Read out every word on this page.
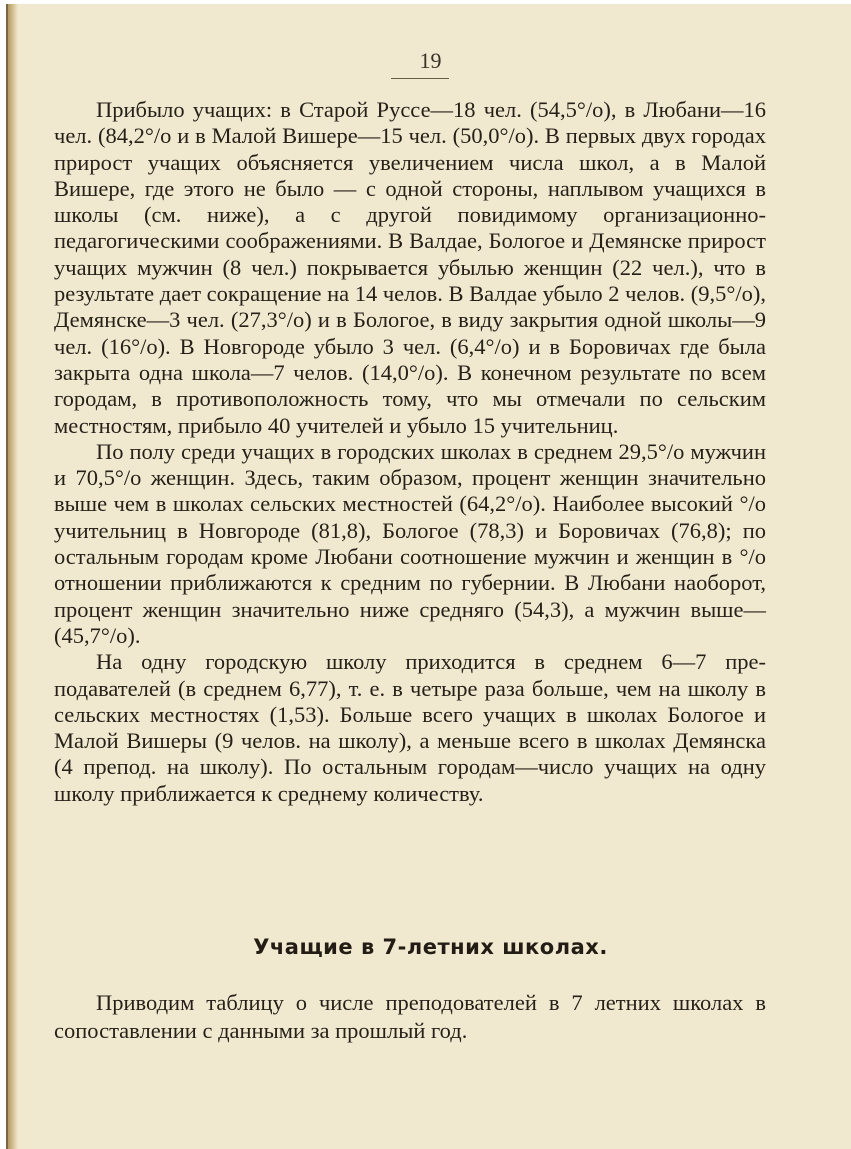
19

Прибыло учащих: в Старой Руссе—18 чел. (54,5°/о), в Любани—16 чел. (84,2°/о и в Малой Вишере—15 чел. (50,0°/о). В первых двух городах прирост учащих объясняется увеличением числа школ, а в Малой Вишере, где этого не было — с одной стороны, наплывом учащихся в школы (см. ниже), а с другой повидимому организационно-педагогическими соображениями. В Валдае, Бологое и Демянске прирост учащих мужчин (8 чел.) покрывается убылью женщин (22 чел.), что в результате дает сокращение на 14 челов. В Валдае убыло 2 челов. (9,5°/о), Демянске—3 чел. (27,3°/о) и в Бологое, в виду закрытия одной школы—9 чел. (16°/о). В Новгороде убыло 3 чел. (6,4°/о) и в Боровичах где была закрыта одна школа—7 челов. (14,0°/о). В конечном результате по всем городам, в противоположность тому, что мы отмечали по сельским местностям, прибыло 40 учителей и убыло 15 учительниц.

По полу среди учащих в городских школах в среднем 29,5°/о мужчин и 70,5°/о женщин. Здесь, таким образом, процент женщин значительно выше чем в школах сельских местностей (64,2°/о). Наиболее высокий °/о учительниц в Новгороде (81,8), Бологое (78,3) и Боровичах (76,8); по остальным городам кроме Любани соотношение мужчин и женщин в °/о отношении приближаются к средним по губернии. В Любани наоборот, процент женщин значительно ниже средняго (54,3), а мужчин выше—(45,7°/о).

На одну городскую школу приходится в среднем 6—7 преподавателей (в среднем 6,77), т. е. в четыре раза больше, чем на школу в сельских местностях (1,53). Больше всего учащих в школах Бологое и Малой Вишеры (9 челов. на школу), а меньше всего в школах Демянска (4 препод. на школу). По остальным городам—число учащих на одну школу приближается к среднему количеству.

Учащие в 7-летних школах.

Приводим таблицу о числе преподователей в 7 летних школах в сопоставлении с данными за прошлый год.
